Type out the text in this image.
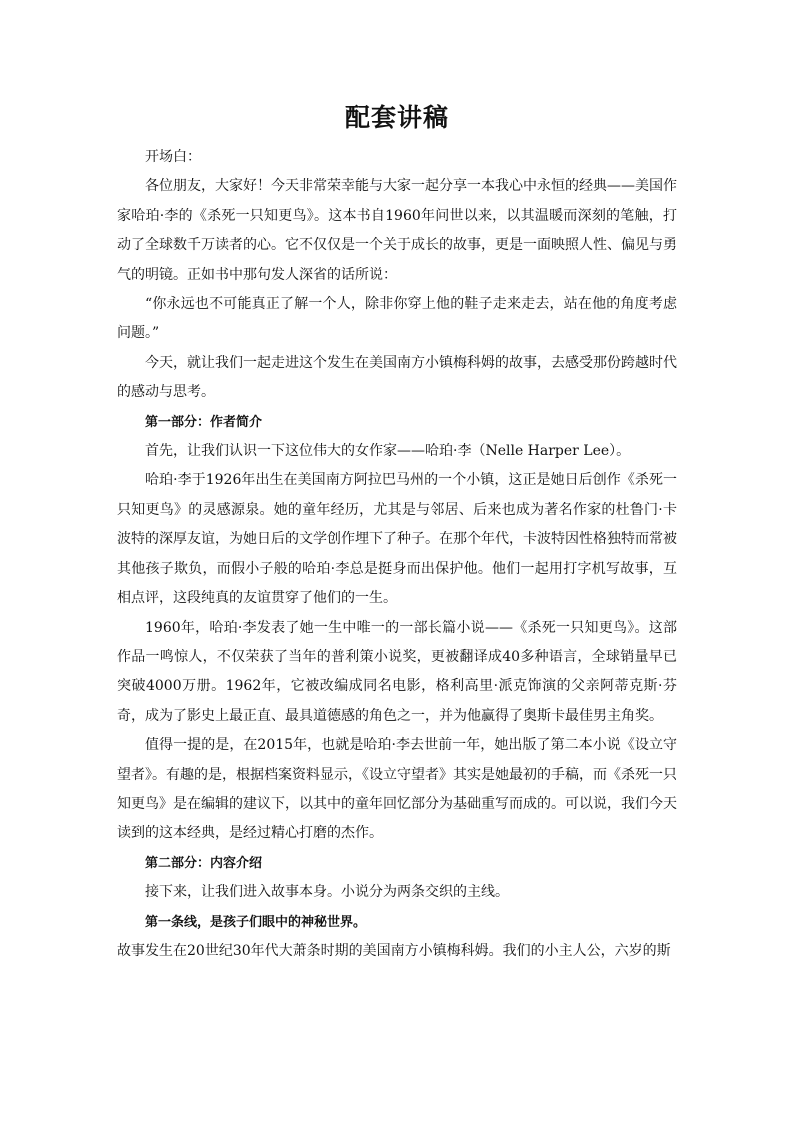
配套讲稿

开场白：

各位朋友，大家好！今天非常荣幸能与大家一起分享一本我心中永恒的经典——美国作家哈珀·李的《杀死一只知更鸟》。这本书自1960年问世以来，以其温暖而深刻的笔触，打动了全球数千万读者的心。它不仅仅是一个关于成长的故事，更是一面映照人性、偏见与勇气的明镜。正如书中那句发人深省的话所说：

“你永远也不可能真正了解一个人，除非你穿上他的鞋子走来走去，站在他的角度考虑问题。”

今天，就让我们一起走进这个发生在美国南方小镇梅科姆的故事，去感受那份跨越时代的感动与思考。

第一部分：作者简介

首先，让我们认识一下这位伟大的女作家——哈珀·李（Nelle Harper Lee）。

哈珀·李于1926年出生在美国南方阿拉巴马州的一个小镇，这正是她日后创作《杀死一只知更鸟》的灵感源泉。她的童年经历，尤其是与邻居、后来也成为著名作家的杜鲁门·卡波特的深厚友谊，为她日后的文学创作埋下了种子。在那个年代，卡波特因性格独特而常被其他孩子欺负，而假小子般的哈珀·李总是挺身而出保护他。他们一起用打字机写故事，互相点评，这段纯真的友谊贯穿了他们的一生。

1960年，哈珀·李发表了她一生中唯一的一部长篇小说——《杀死一只知更鸟》。这部作品一鸣惊人，不仅荣获了当年的普利策小说奖，更被翻译成40多种语言，全球销量早已突破4000万册。1962年，它被改编成同名电影，格利高里·派克饰演的父亲阿蒂克斯·芬奇，成为了影史上最正直、最具道德感的角色之一，并为他赢得了奥斯卡最佳男主角奖。

值得一提的是，在2015年，也就是哈珀·李去世前一年，她出版了第二本小说《设立守望者》。有趣的是，根据档案资料显示，《设立守望者》其实是她最初的手稿，而《杀死一只知更鸟》是在编辑的建议下，以其中的童年回忆部分为基础重写而成的。可以说，我们今天读到的这本经典，是经过精心打磨的杰作。

第二部分：内容介绍

接下来，让我们进入故事本身。小说分为两条交织的主线。

第一条线，是孩子们眼中的神秘世界。

故事发生在20世纪30年代大萧条时期的美国南方小镇梅科姆。我们的小主人公，六岁的斯
